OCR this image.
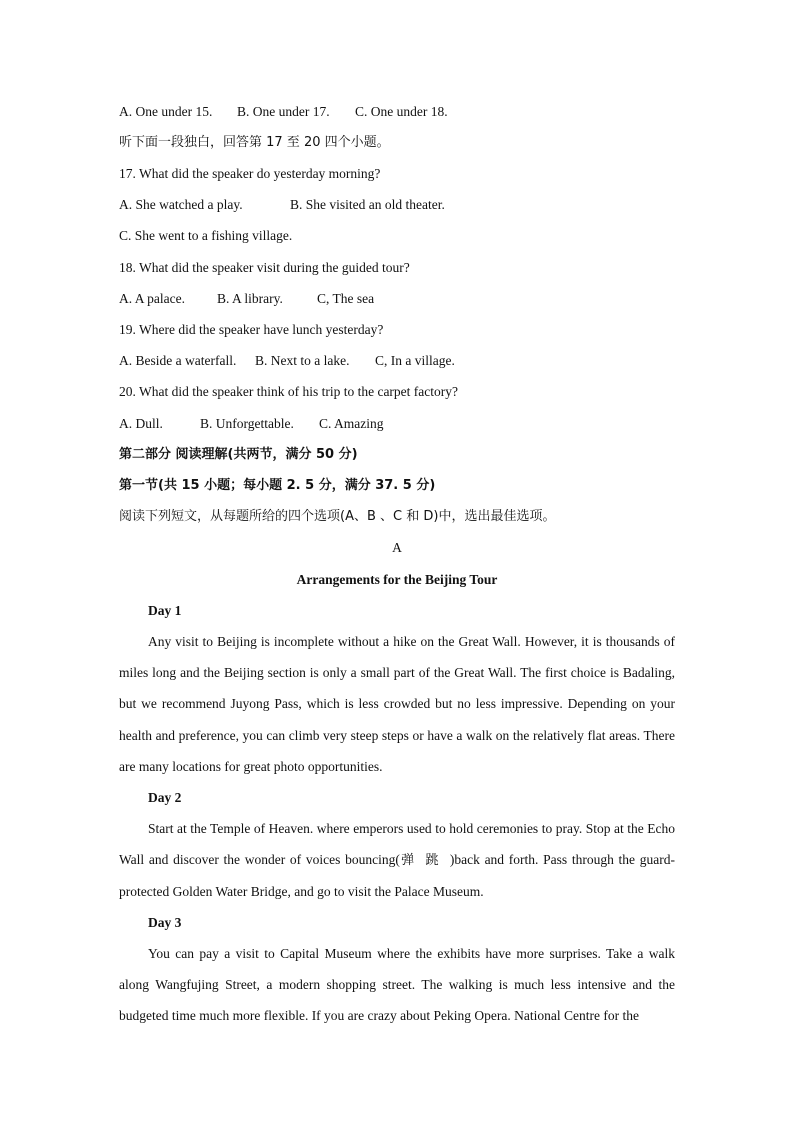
A. One under 15. B. One under 17. C. One under 18.
听下面一段独白，回答第 17 至 20 四个小题。
17. What did the speaker do yesterday morning?
A. She watched a play.	B. She visited an old theater.
C. She went to a fishing village.
18. What did the speaker visit during the guided tour?
A. A palace. B. A library.	C, The sea
19. Where did the speaker have lunch yesterday?
A. Beside a waterfall. B. Next to a lake. C, In a village.
20. What did the speaker think of his trip to the carpet factory?
A. Dull.	B. Unforgettable. C. Amazing
第二部分 阅读理解(共两节，满分 50 分)
第一节(共 15 小题；每小题 2. 5 分，满分 37. 5 分)
阅读下列短文，从每题所给的四个选项(A、B 、C 和 D)中，选出最佳选项。
A
Arrangements for the Beijing Tour
Day 1
Any visit to Beijing is incomplete without a hike on the Great Wall. However, it is thousands of miles long and the Beijing section is only a small part of the Great Wall. The first choice is Badaling, but we recommend Juyong Pass, which is less crowded but no less impressive. Depending on your health and preference, you can climb very steep steps or have a walk on the relatively flat areas. There are many locations for great photo opportunities.
Day 2
Start at the Temple of Heaven. where emperors used to hold ceremonies to pray. Stop at the Echo Wall and discover the wonder of voices bouncing(弹跳)back and forth. Pass through the guard-protected Golden Water Bridge, and go to visit the Palace Museum.
Day 3
You can pay a visit to Capital Museum where the exhibits have more surprises. Take a walk along Wangfujing Street, a modern shopping street. The walking is much less intensive and the budgeted time much more flexible. If you are crazy about Peking Opera. National Centre for the
